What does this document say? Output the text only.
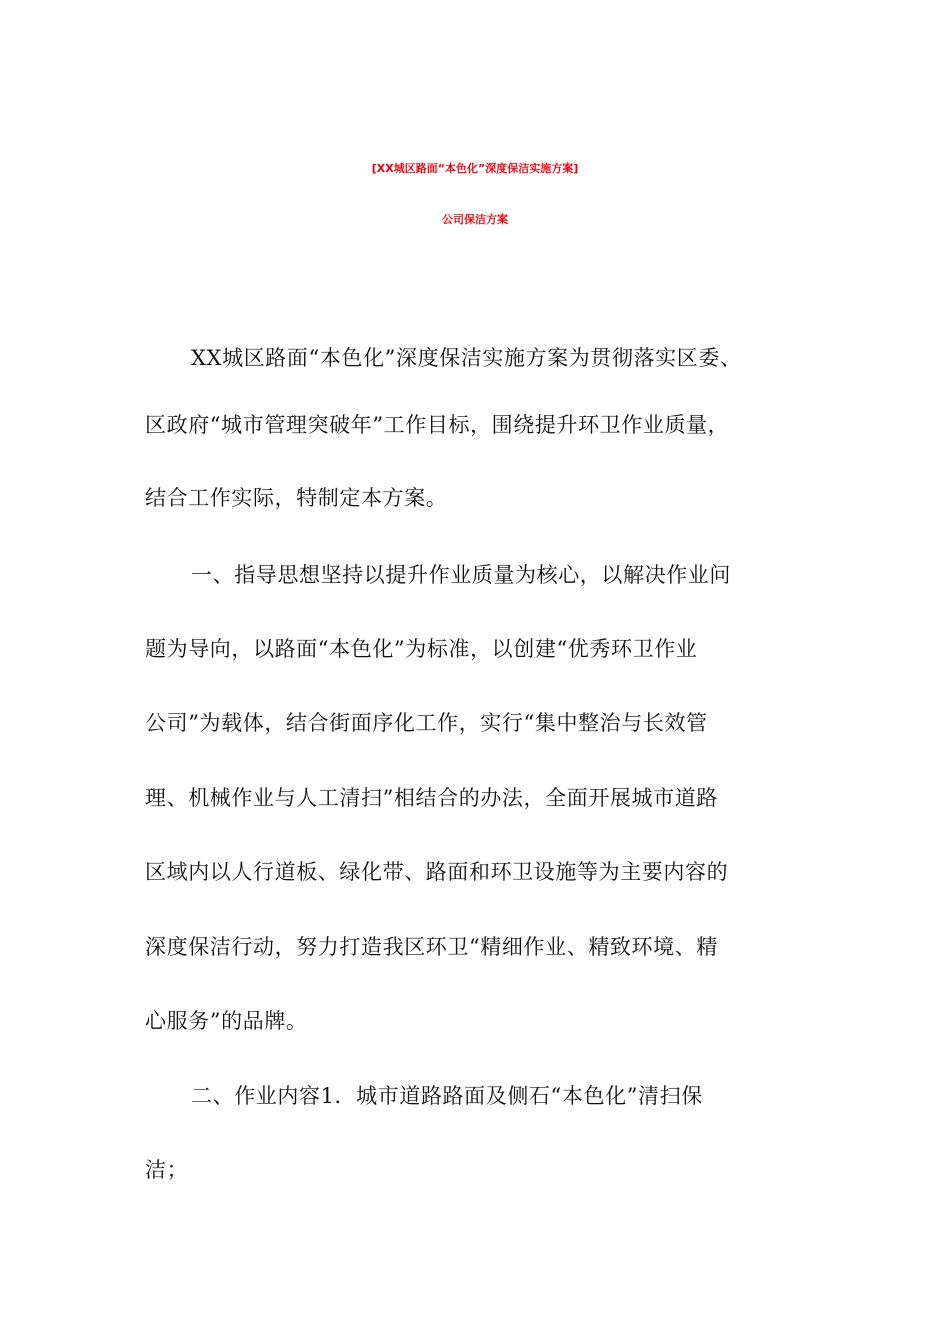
[XX城区路面“本色化”深度保洁实施方案]
公司保洁方案
XX城区路面“本色化”深度保洁实施方案为贯彻落实区委、
区政府“城市管理突破年”工作目标，围绕提升环卫作业质量，
结合工作实际，特制定本方案。
一、指导思想坚持以提升作业质量为核心，以解决作业问
题为导向，以路面“本色化”为标准，以创建“优秀环卫作业
公司”为载体，结合街面序化工作，实行“集中整治与长效管
理、机械作业与人工清扫”相结合的办法，全面开展城市道路
区域内以人行道板、绿化带、路面和环卫设施等为主要内容的
深度保洁行动，努力打造我区环卫“精细作业、精致环境、精
心服务”的品牌。
二、作业内容1．城市道路路面及侧石“本色化”清扫保
洁；
